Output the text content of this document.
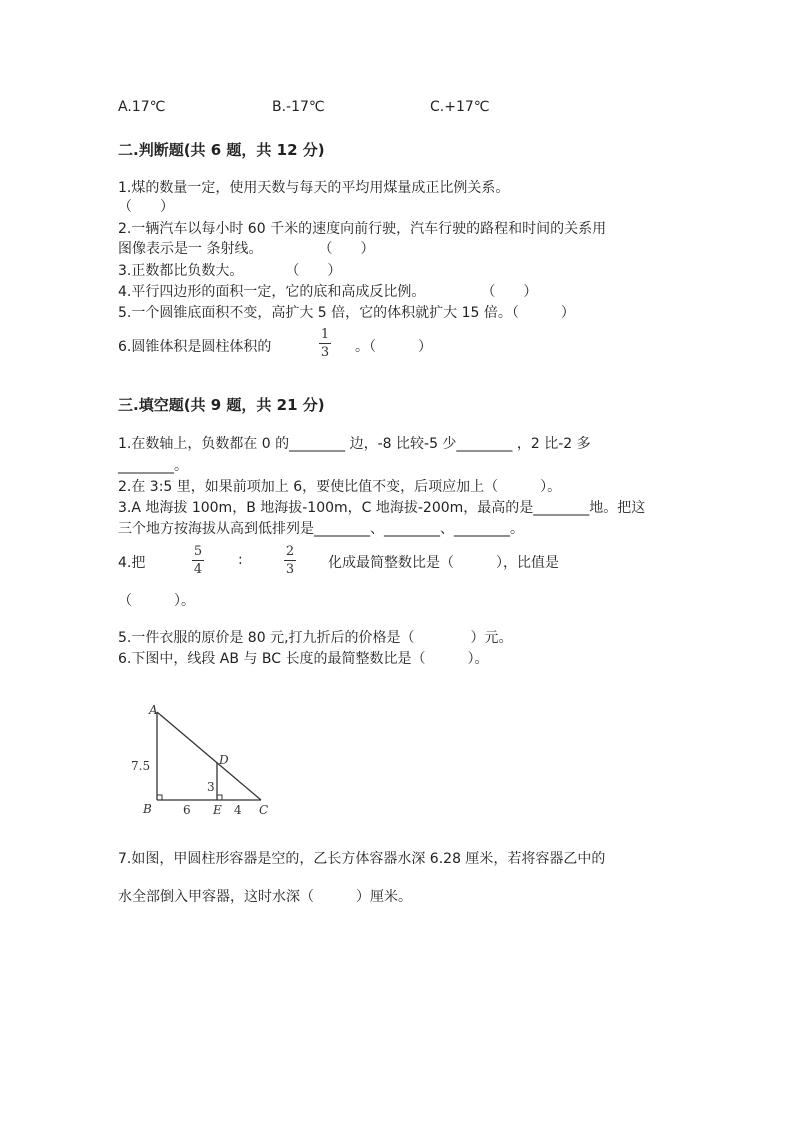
A.17℃	B.-17℃	C.+17℃
二.判断题(共 6 题，共 12 分)
1.煤的数量一定，使用天数与每天的平均用煤量成正比例关系。
（　　）
2.一辆汽车以每小时 60 千米的速度向前行驶，汽车行驶的路程和时间的关系用
图像表示是一 条射线。　　　　　（　　）
3.正数都比负数大。　　　　（　　）
4.平行四边形的面积一定，它的底和高成反比例。　　　　　（　　）
5.一个圆锥底面积不变，高扩大 5 倍，它的体积就扩大 15 倍。（　　　）
6.圆锥体积是圆柱体积的
1
3 。（　　　）
三.填空题(共 9 题，共 21 分)
1.在数轴上，负数都在 0 的________ 边，-8 比较-5 少________ ，2 比-2 多
________。
2.在 3:5 里，如果前项加上 6，要使比值不变，后项应加上（　　　）。
3.A 地海拔 100m，B 地海拔-100m，C 地海拔-200m，最高的是________地。把这
三个地方按海拔从高到低排列是________、________、________。
4.把
5
4
:
2
3 化成最简整数比是（　　　），比值是
（　　　）。
5.一件衣服的原价是 80 元,打九折后的价格是（　　　　）元。
6.下图中，线段 AB 与 BC 长度的最简整数比是（　　　）。
A
B	C
D
E
7.5
3
6	4
7.如图，甲圆柱形容器是空的，乙长方体容器水深 6.28 厘米，若将容器乙中的
水全部倒入甲容器，这时水深（　　　）厘米。
